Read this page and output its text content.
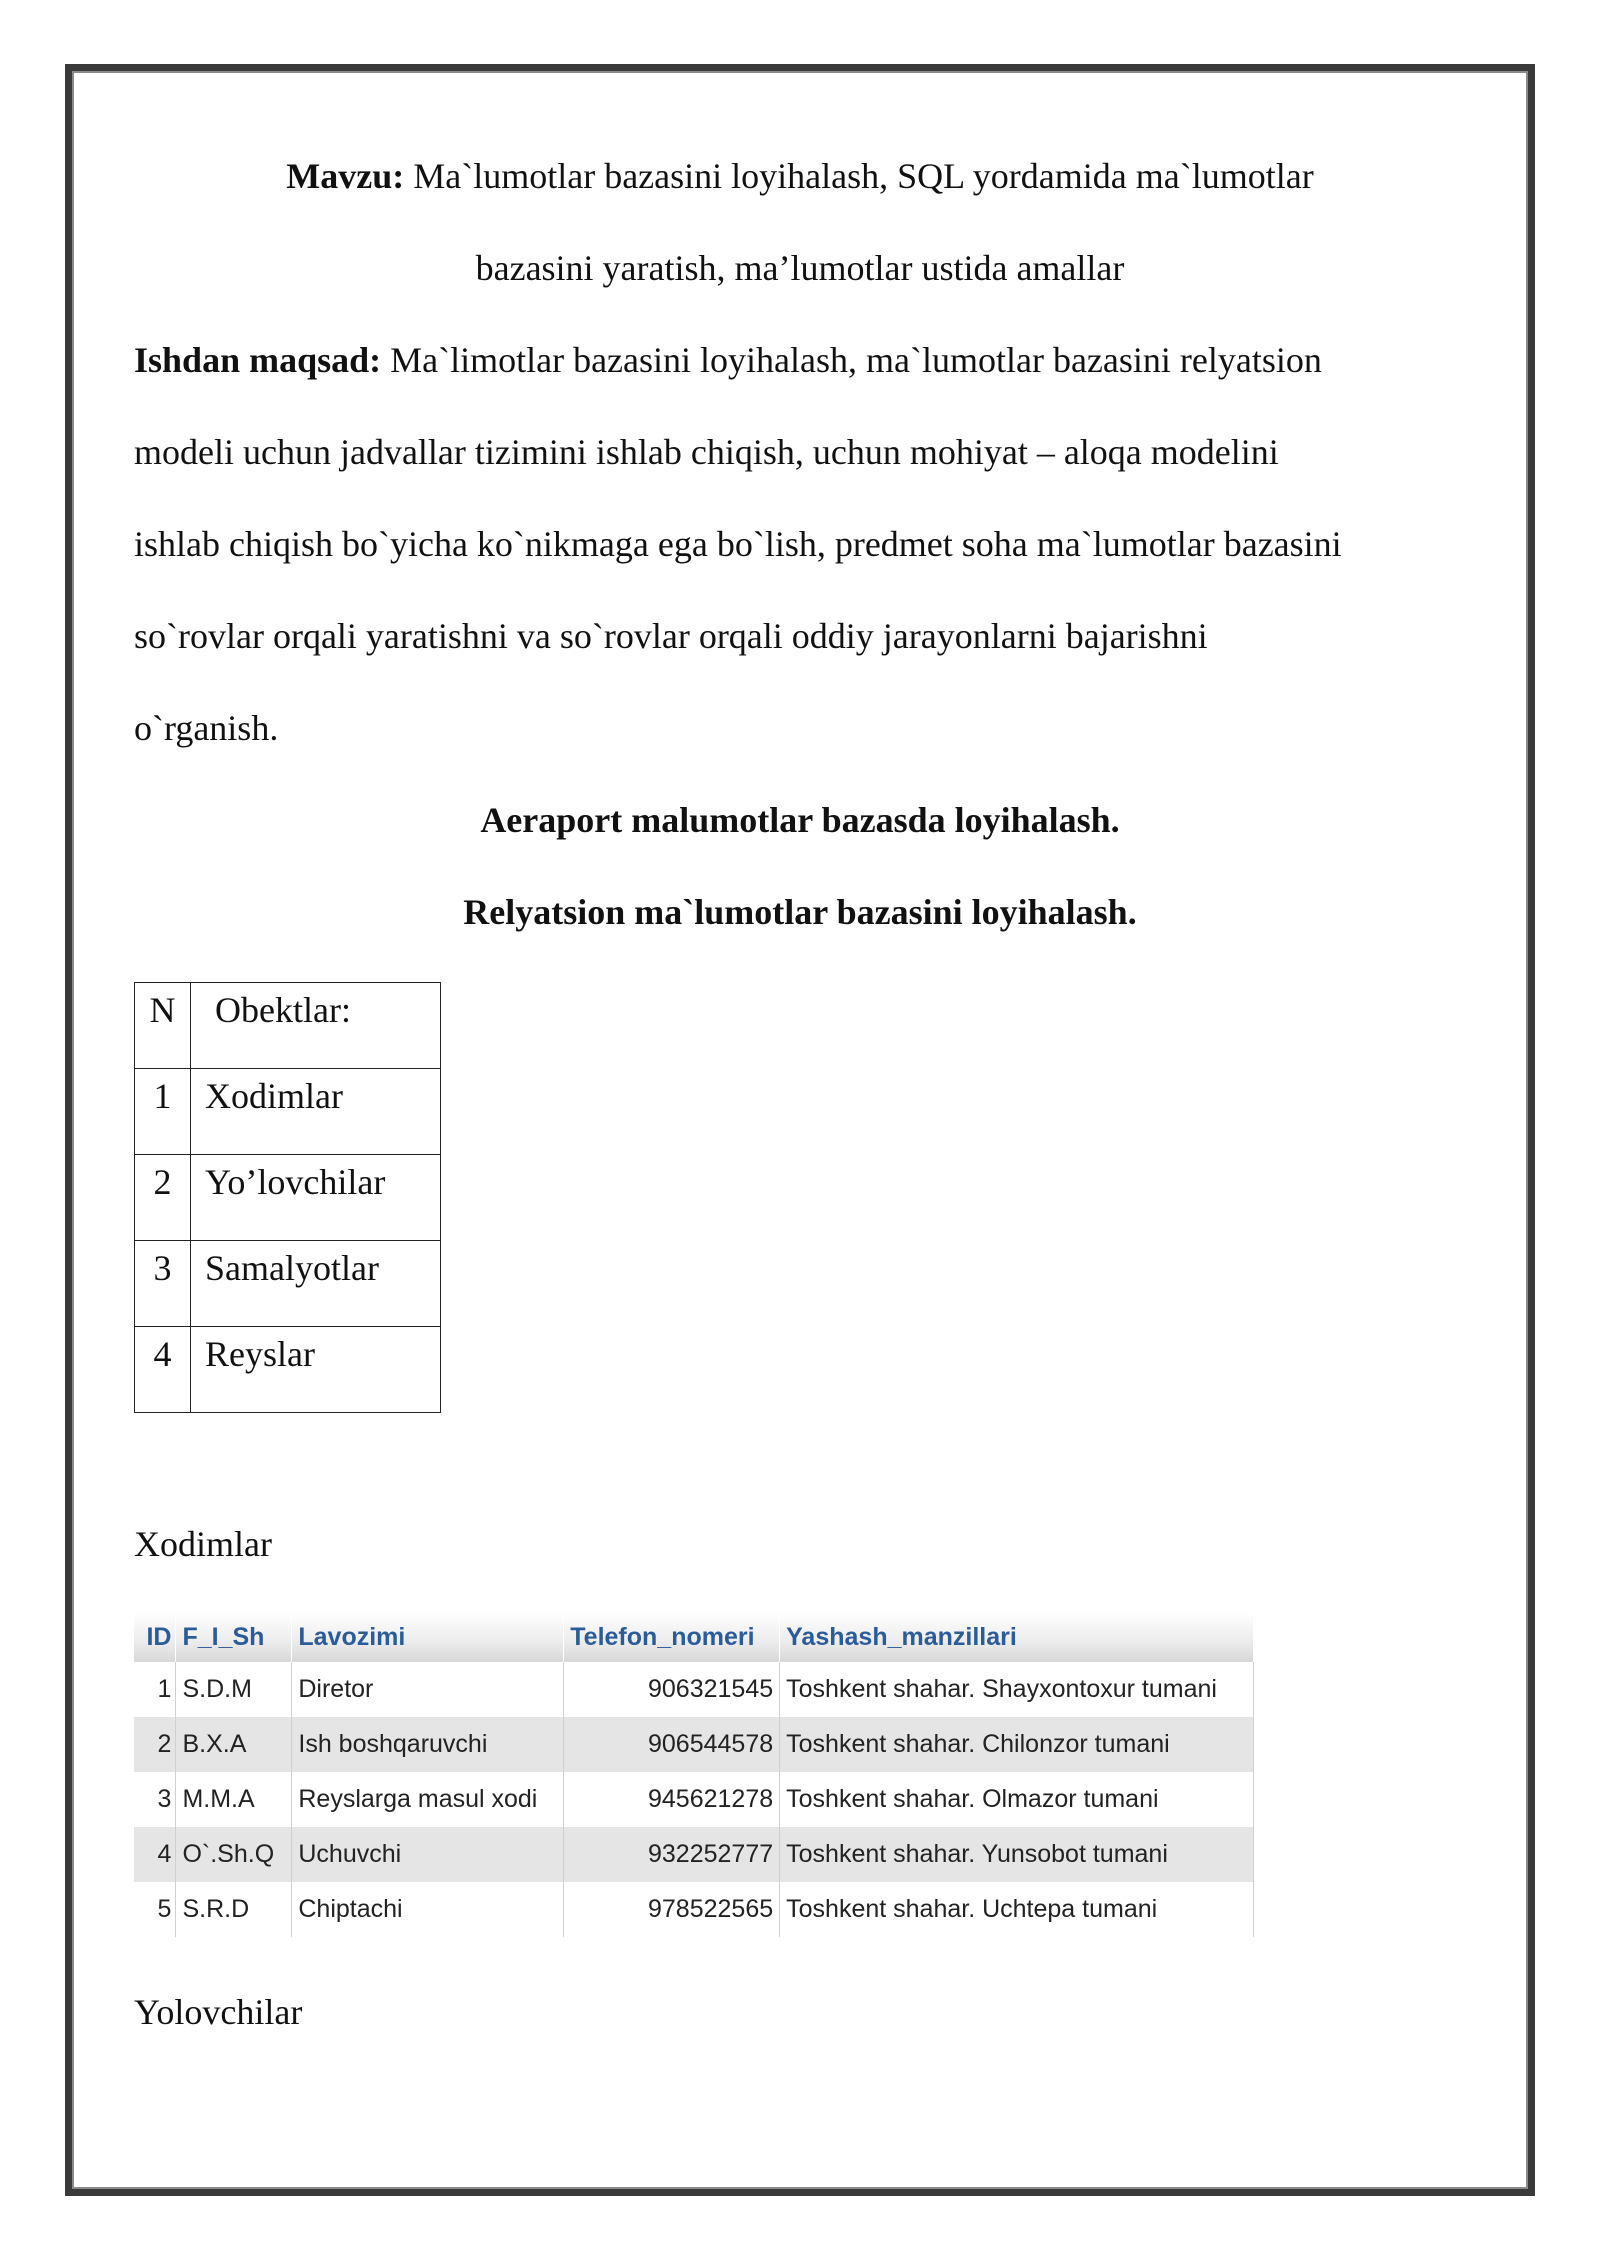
Mavzu: Ma`lumotlar bazasini loyihalash, SQL yordamida ma`lumotlar
bazasini yaratish, ma’lumotlar ustida amallar
Ishdan maqsad: Ma`limotlar bazasini loyihalash, ma`lumotlar bazasini relyatsion
modeli uchun jadvallar tizimini ishlab chiqish, uchun mohiyat – aloqa modelini
ishlab chiqish bo`yicha ko`nikmaga ega bo`lish, predmet soha ma`lumotlar bazasini
so`rovlar orqali yaratishni va so`rovlar orqali oddiy jarayonlarni bajarishni
o`rganish.
Aeraport malumotlar bazasda loyihalash.
Relyatsion ma`lumotlar bazasini loyihalash.
N	Obektlar:
1	Xodimlar
2	Yo’lovchilar
3	Samalyotlar
4	Reyslar
Xodimlar
ID	F_I_Sh	Lavozimi	Telefon_nomeri	Yashash_manzillari
1	S.D.M	Diretor	906321545	Toshkent shahar. Shayxontoxur tumani
2	B.X.A	Ish boshqaruvchi	906544578	Toshkent shahar. Chilonzor tumani
3	M.M.A	Reyslarga masul xodi	945621278	Toshkent shahar. Olmazor tumani
4	O`.Sh.Q	Uchuvchi	932252777	Toshkent shahar. Yunsobot tumani
5	S.R.D	Chiptachi	978522565	Toshkent shahar. Uchtepa tumani
Yolovchilar
